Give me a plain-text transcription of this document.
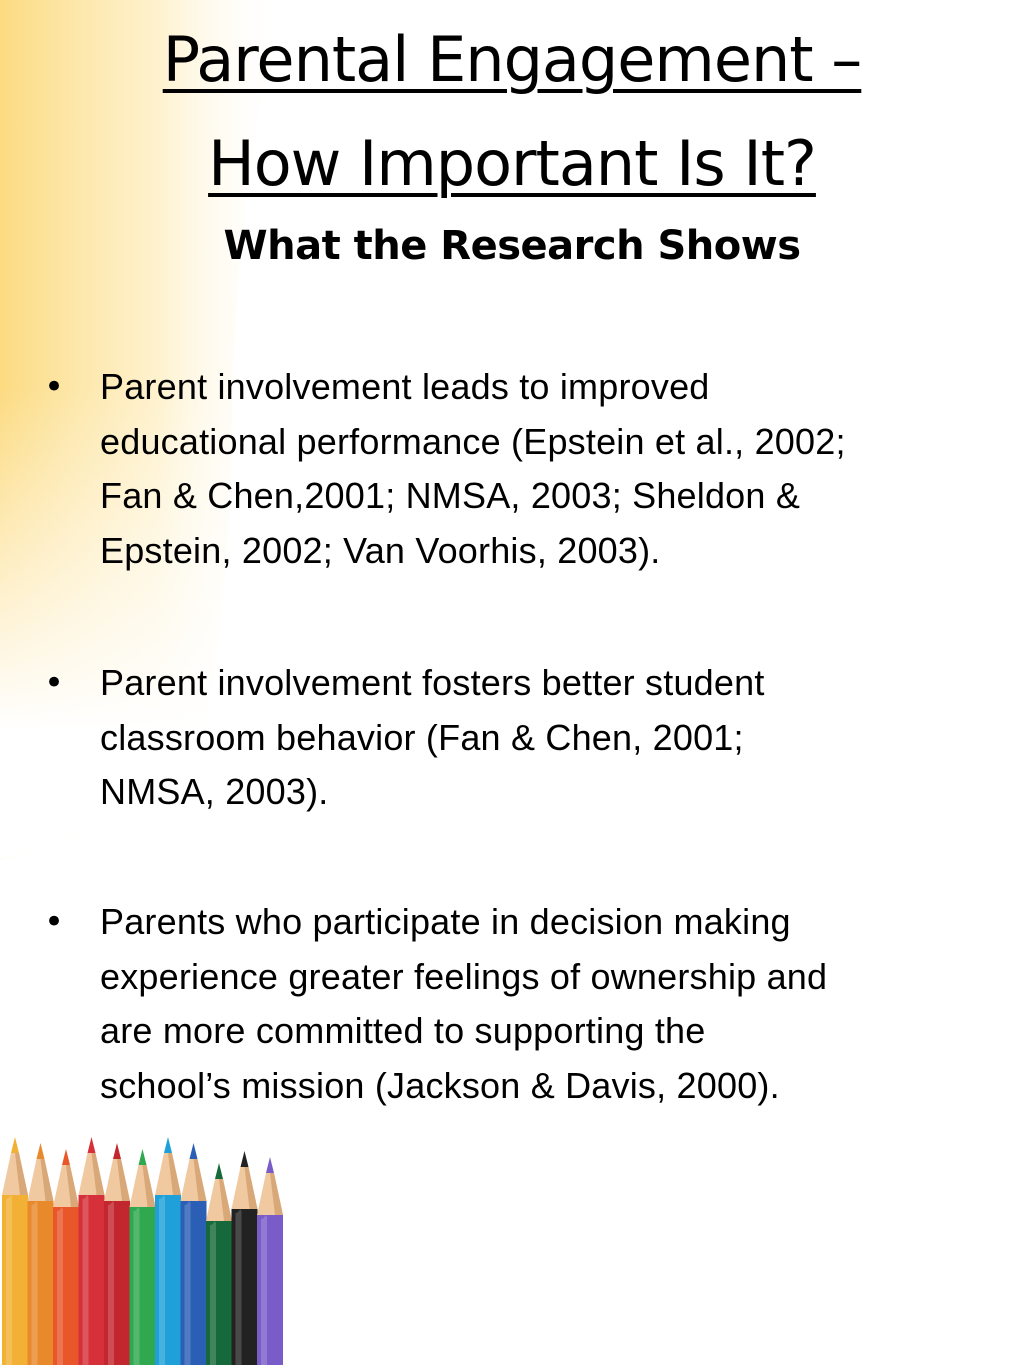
Parental Engagement –
How Important Is It?
What the Research Shows
• Parent involvement leads to improved
educational performance (Epstein et al., 2002;
Fan & Chen,2001; NMSA, 2003; Sheldon &
Epstein, 2002; Van Voorhis, 2003).
• Parent involvement fosters better student
classroom behavior (Fan & Chen, 2001;
NMSA, 2003).
• Parents who participate in decision making
experience greater feelings of ownership and
are more committed to supporting the
school’s mission (Jackson & Davis, 2000).
